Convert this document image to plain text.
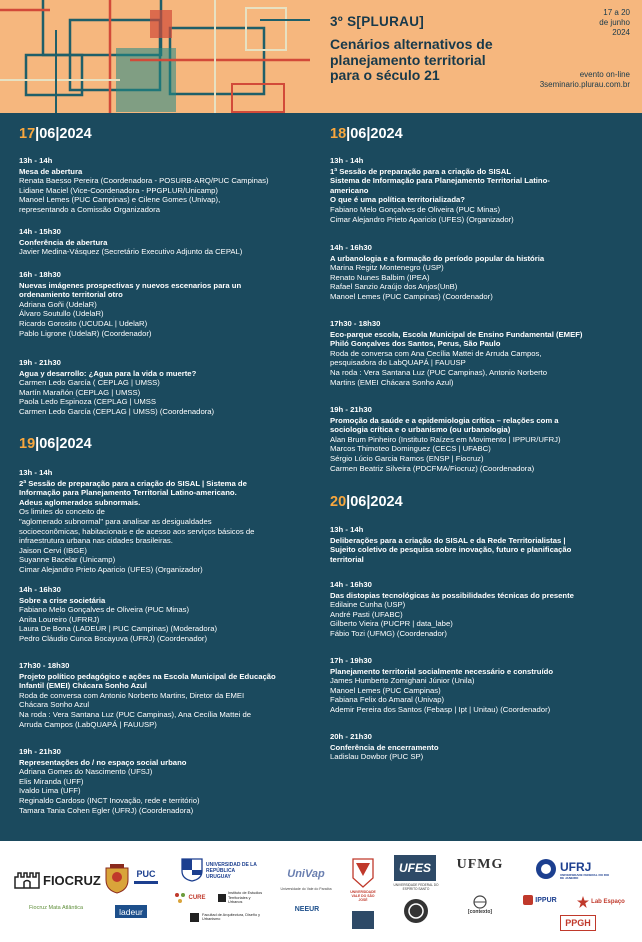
3º S[PLURAU]
17 a 20
de junho
2024
Cenários alternativos de
planejamento territorial
para o século 21	evento on-line
3seminario.plurau.com.br
17|06|2024
13h - 14h
Mesa de abertura
Renata Baesso Pereira (Coordenadora - POSURB-ARQ/PUC Campinas)
Lidiane Maciel (Vice-Coordenadora - PPGPLUR/Unicamp)
Manoel Lemes (PUC Campinas) e Cilene Gomes (Univap),
representando a Comissão Organizadora
14h - 15h30
Conferência de abertura
Javier Medina-Vásquez (Secretário Executivo Adjunto da CEPAL)
16h - 18h30
Nuevas imágenes prospectivas y nuevos escenarios para un
ordenamiento territorial otro
Adriana Goñi (UdelaR)
Álvaro Soutullo (UdelaR)
Ricardo Gorosito (UCUDAL | UdelaR)
Pablo Ligrone (UdelaR) (Coordenador)
19h - 21h30
Agua y desarrollo: ¿Agua para la vida o muerte?
Carmen Ledo García ( CEPLAG | UMSS)
Martín Marañón (CEPLAG | UMSS)
Paola Ledo Espinoza (CEPLAG | UMSS
Carmen Ledo García (CEPLAG | UMSS) (Coordenadora)
19|06|2024
13h - 14h
2ª Sessão de preparação para a criação do SISAL | Sistema de
Informação para Planejamento Territorial Latino-americano.
Adeus aglomerados subnormais.
Os limites do conceito de
"aglomerado subnormal" para analisar as desigualdades
socioeconômicas, habitacionais e de acesso aos serviços básicos de
infraestrutura urbana nas cidades brasileiras.
Jaison Cervi (IBGE)
Suyanne Bacelar (Unicamp)
Cimar Alejandro Prieto Aparicio (UFES) (Organizador)
14h - 16h30
Sobre a crise societária
Fabiano Melo Gonçalves de Oliveira (PUC Minas)
Anita Loureiro (UFRRJ)
Laura De Bona (LADEUR | PUC Campinas) (Moderadora)
Pedro Cláudio Cunca Bocayuva (UFRJ) (Coordenador)
17h30 - 18h30
Projeto político pedagógico e ações na Escola Municipal de Educação
Infantil (EMEI) Chácara Sonho Azul
Roda de conversa com Antonio Norberto Martins, Diretor da EMEI
Chácara Sonho Azul
Na roda : Vera Santana Luz (PUC Campinas), Ana Cecília Mattei de
Arruda Campos (LabQUAPÁ | FAUUSP)
19h - 21h30
Representações do / no espaço social urbano
Adriana Gomes do Nascimento (UFSJ)
Elis Miranda (UFF)
Ivaldo Lima (UFF)
Reginaldo Cardoso (INCT Inovação, rede e território)
Tamara Tania Cohen Egler (UFRJ) (Coordenadora)
18|06|2024
13h - 14h
1ª Sessão de preparação para a criação do SISAL
Sistema de Informação para Planejamento Territorial Latino-
americano
O que é uma política territorializada?
Fabiano Melo Gonçalves de Oliveira (PUC Minas)
Cimar Alejandro Prieto Aparicio (UFES) (Organizador)
14h - 16h30
A urbanologia e a formação do período popular da história
Marina Regitz Montenegro (USP)
Renato Nunes Balbim (IPEA)
Rafael Sanzio Araújo dos Anjos(UnB)
Manoel Lemes (PUC Campinas) (Coordenador)
17h30 - 18h30
Eco-parque escola, Escola Municipal de Ensino Fundamental (EMEF)
Philó Gonçalves dos Santos, Perus, São Paulo
Roda de conversa com Ana Cecília Mattei de Arruda Campos,
pesquisadora do LabQUAPÁ | FAUUSP
Na roda : Vera Santana Luz (PUC Campinas), Antonio Norberto
Martins (EMEI Chácara Sonho Azul)
19h - 21h30
Promoção da saúde e a epidemiologia crítica – relações com a
sociologia crítica e o urbanismo (ou urbanologia)
Alan Brum Pinheiro (Instituto Raízes em Movimento | IPPUR/UFRJ)
Marcos Thimoteo Dominguez (CECS | UFABC)
Sérgio Lúcio Garcia Ramos (ENSP | Fiocruz)
Carmen Beatriz Silveira (PDCFMA/Fiocruz) (Coordenadora)
20|06|2024
13h - 14h
Deliberações para a criação do SISAL e da Rede Territorialistas |
Sujeito coletivo de pesquisa sobre inovação, futuro e planificação
territorial
14h - 16h30
Das distopias tecnológicas às possibilidades técnicas do presente
Edilaine Cunha (USP)
André Pasti (UFABC)
Gilberto Vieira (PUCPR | data_labe)
Fábio Tozi (UFMG) (Coordenador)
17h - 19h30
Planejamento territorial socialmente necessário e construído
James Humberto Zomighani Júnior (Unila)
Manoel Lemes (PUC Campinas)
Fabiana Felix do Amaral (Univap)
Ademir Pereira dos Santos (Febasp | Ipt | Unitau) (Coordenador)
20h - 21h30
Conferência de encerramento
Ladislau Dowbor (PUC SP)
FIOCRUZ
Fiocruz Mata Atlântica
PUC
ladeur
UNIVERSIDAD DE LA REPÚBLICA URUGUAY
CURE
Instituto de Estudios Territoriales y Urbanos
Facultad de Arquitectura, Diseño y Urbanismo
UniVap
Universidade do Vale do Paraíba
NEEUR
UNIVERSIDADE VALE DO SÃO JOSÉ
UFES
UNIVERSIDADE FEDERAL DO ESPÍRITO SANTO
UFMG
[contexto]
UFRJ
UNIVERSIDADE FEDERAL DO RIO DE JANEIRO
IPPUR	Lab Espaço
PPGH
